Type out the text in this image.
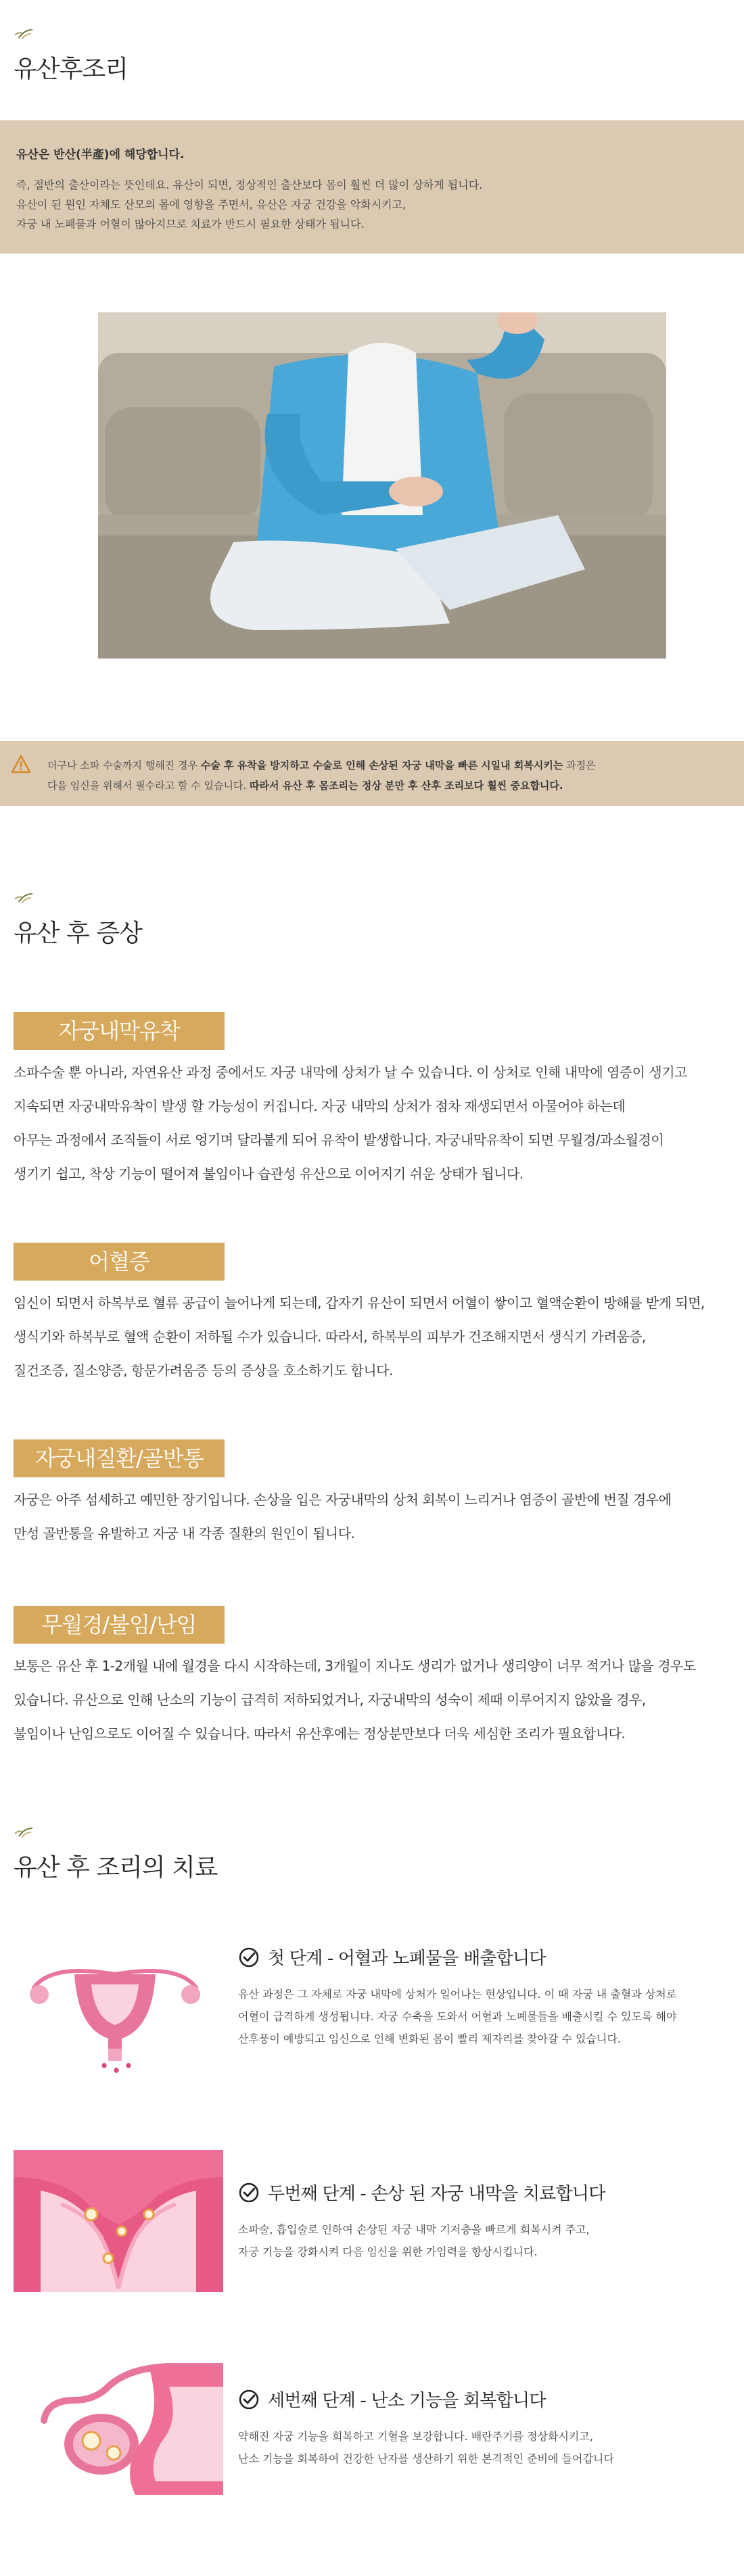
유산후조리

유산은 반산(半產)에 해당합니다.

즉, 절반의 출산이라는 뜻인데요. 유산이 되면, 정상적인 출산보다 몸이 훨씬 더 많이 상하게 됩니다.

유산이 된 원인 자체도 산모의 몸에 영향을 주면서, 유산은 자궁 건강을 악화시키고,

자궁 내 노폐물과 어혈이 많아지므로 치료가 반드시 필요한 상태가 됩니다.

더구나 소파 수술까지 행해진 경우 수술 후 유착을 방지하고 수술로 인해 손상된 자궁 내막을 빠른 시일내 회복시키는 과정은

다음 임신을 위해서 필수라고 할 수 있습니다. 따라서 유산 후 몸조리는 정상 분만 후 산후 조리보다 훨씬 중요합니다.

유산 후 증상
자궁내막유착

소파수술 뿐 아니라, 자연유산 과정 중에서도 자궁 내막에 상처가 날 수 있습니다. 이 상처로 인해 내막에 염증이 생기고

지속되면 자궁내막유착이 발생 할 가능성이 커집니다. 자궁 내막의 상처가 점차 재생되면서 아물어야 하는데

아무는 과정에서 조직들이 서로 엉기며 달라붙게 되어 유착이 발생합니다. 자궁내막유착이 되면 무월경/과소월경이

생기기 쉽고, 착상 기능이 떨어져 불임이나 습관성 유산으로 이어지기 쉬운 상태가 됩니다.

어혈증

임신이 되면서 하복부로 혈류 공급이 늘어나게 되는데, 갑자기 유산이 되면서 어혈이 쌓이고 혈액순환이 방해를 받게 되면,

생식기와 하복부로 혈액 순환이 저하될 수가 있습니다. 따라서, 하복부의 피부가 건조해지면서 생식기 가려움증,

질건조증, 질소양증, 항문가려움증 등의 증상을 호소하기도 합니다.

자궁내질환/골반통

자궁은 아주 섬세하고 예민한 장기입니다. 손상을 입은 자궁내막의 상처 회복이 느리거나 염증이 골반에 번질 경우에

만성 골반통을 유발하고 자궁 내 각종 질환의 원인이 됩니다.

무월경/불임/난임

보통은 유산 후 1-2개월 내에 월경을 다시 시작하는데, 3개월이 지나도 생리가 없거나 생리양이 너무 적거나 많을 경우도

있습니다. 유산으로 인해 난소의 기능이 급격히 저하되었거나, 자궁내막의 성숙이 제때 이루어지지 않았을 경우,

불임이나 난임으로도 이어질 수 있습니다. 따라서 유산후에는 정상분만보다 더욱 세심한 조리가 필요합니다.

유산 후 조리의 치료
첫 단계 - 어혈과 노폐물을 배출합니다

유산 과정은 그 자체로 자궁 내막에 상처가 일어나는 현상입니다. 이 때 자궁 내 출혈과 상처로

어혈이 급격하게 생성됩니다. 자궁 수축을 도와서 어혈과 노폐물들을 배출시킬 수 있도록 해야

산후풍이 예방되고 임신으로 인해 변화된 몸이 빨리 제자리를 찾아갈 수 있습니다.

두번째 단계 - 손상 된 자궁 내막을 치료합니다

소파술, 흡입술로 인하여 손상된 자궁 내막 기저층을 빠르게 회복시켜 주고,

자궁 기능을 강화시켜 다음 임신을 위한 가임력을 향상시킵니다.

세번째 단계 - 난소 기능을 회복합니다

약해진 자궁 기능을 회복하고 기혈을 보강합니다. 배란주기를 정상화시키고,

난소 기능을 회복하여 건강한 난자를 생산하기 위한 본격적인 준비에 들어갑니다
